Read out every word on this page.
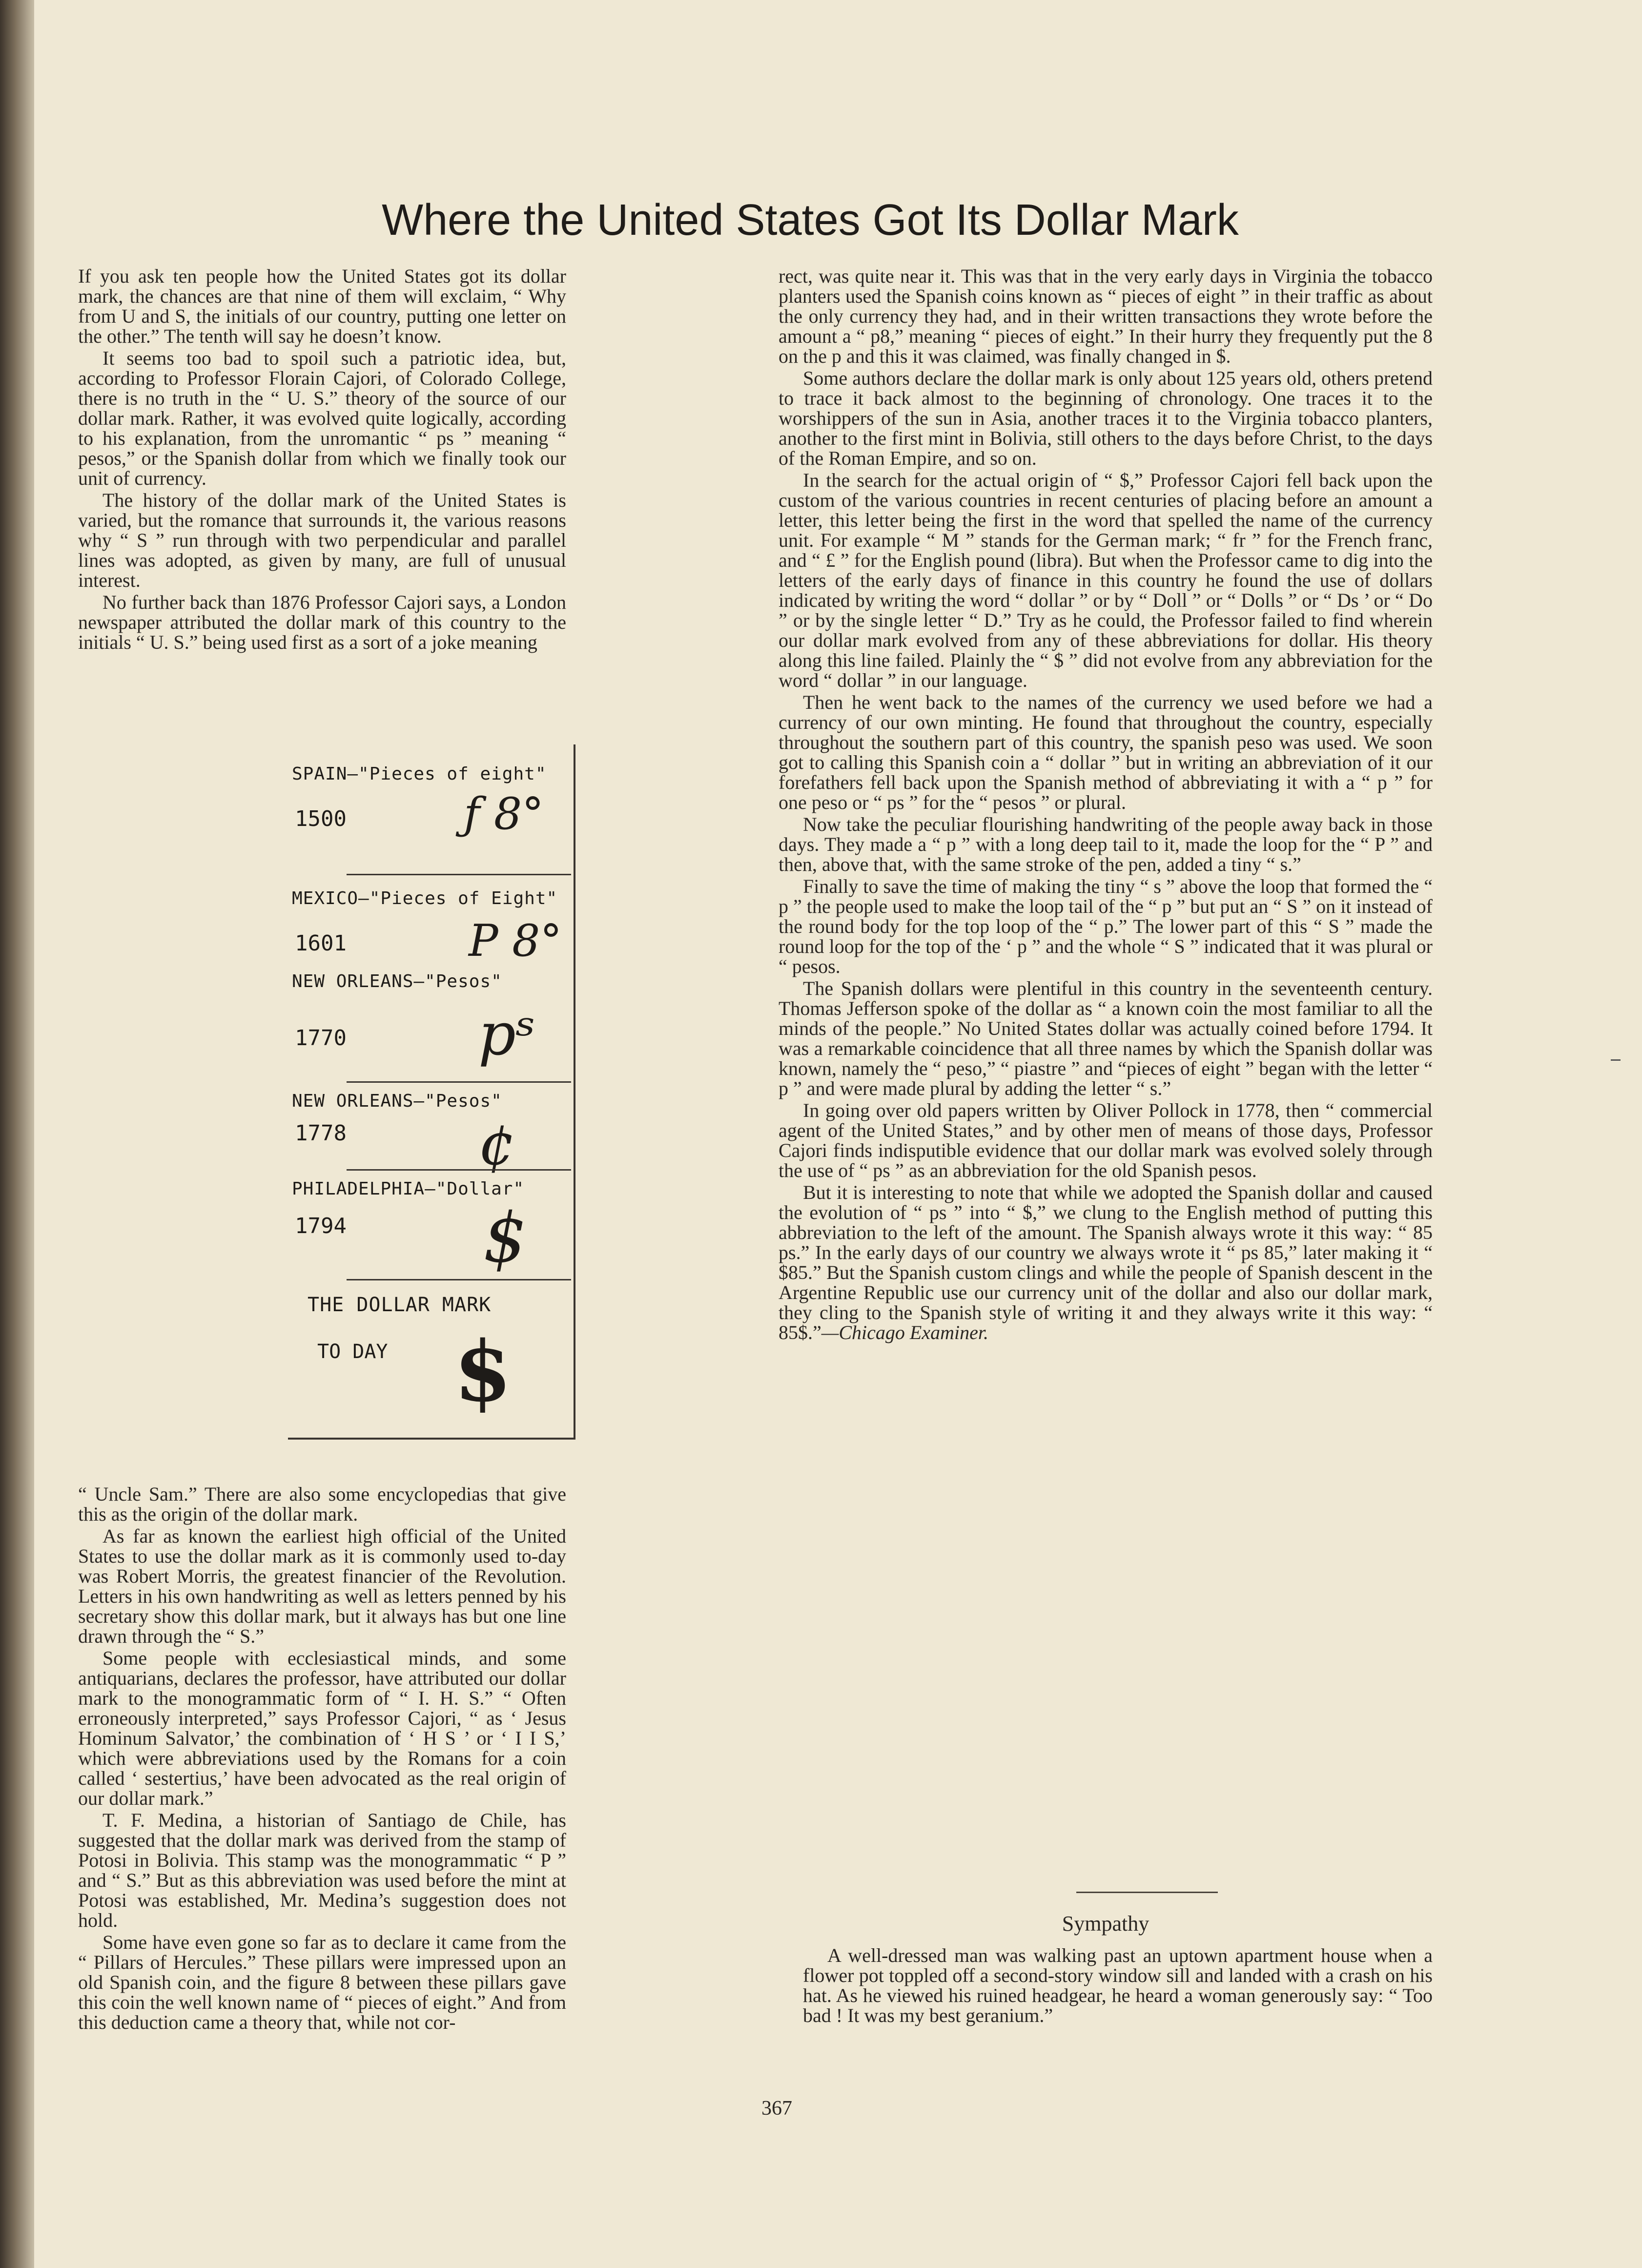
Where the United States Got Its Dollar Mark

If you ask ten people how the United States got its dollar mark, the chances are that nine of them will exclaim, “ Why from U and S, the initials of our country, putting one letter on the other.” The tenth will say he doesn’t know.

It seems too bad to spoil such a patriotic idea, but, according to Professor Florain Cajori, of Colorado College, there is no truth in the “ U. S.” theory of the source of our dollar mark. Rather, it was evolved quite logically, according to his explanation, from the unromantic “ ps ” meaning “ pesos,” or the Spanish dollar from which we finally took our unit of currency.

The history of the dollar mark of the United States is varied, but the romance that surrounds it, the various reasons why “ S ” run through with two perpendicular and parallel lines was adopted, as given by many, are full of unusual interest.

No further back than 1876 Professor Cajori says, a London newspaper attributed the dollar mark of this country to the initials “ U. S.” being used first as a sort of a joke meaning

SPAIN—"Pieces of eight"
1500	ƒ 8°
MEXICO—"Pieces of Eight"
1601	P 8°
NEW ORLEANS—"Pesos"
1770	pˢ
NEW ORLEANS—"Pesos"
1778	¢
PHILADELPHIA—"Dollar"
1794	$
THE DOLLAR MARK
TO DAY $

“ Uncle Sam.” There are also some encyclopedias that give this as the origin of the dollar mark.

As far as known the earliest high official of the United States to use the dollar mark as it is commonly used to-day was Robert Morris, the greatest financier of the Revolution. Letters in his own handwriting as well as letters penned by his secretary show this dollar mark, but it always has but one line drawn through the “ S.”

Some people with ecclesiastical minds, and some antiquarians, declares the professor, have attributed our dollar mark to the monogrammatic form of “ I. H. S.” “ Often erroneously interpreted,” says Professor Cajori, “ as ‘ Jesus Hominum Salvator,’ the combination of ‘ H S ’ or ‘ I I S,’ which were abbreviations used by the Romans for a coin called ‘ sestertius,’ have been advocated as the real origin of our dollar mark.”

T. F. Medina, a historian of Santiago de Chile, has suggested that the dollar mark was derived from the stamp of Potosi in Bolivia. This stamp was the monogrammatic “ P ” and “ S.” But as this abbreviation was used before the mint at Potosi was established, Mr. Medina’s suggestion does not hold.

Some have even gone so far as to declare it came from the “ Pillars of Hercules.” These pillars were impressed upon an old Spanish coin, and the figure 8 between these pillars gave this coin the well known name of “ pieces of eight.” And from this deduction came a theory that, while not cor-

rect, was quite near it. This was that in the very early days in Virginia the tobacco planters used the Spanish coins known as “ pieces of eight ” in their traffic as about the only currency they had, and in their written transactions they wrote before the amount a “ p8,” meaning “ pieces of eight.” In their hurry they frequently put the 8 on the p and this it was claimed, was finally changed in $.

Some authors declare the dollar mark is only about 125 years old, others pretend to trace it back almost to the beginning of chronology. One traces it to the worshippers of the sun in Asia, another traces it to the Virginia tobacco planters, another to the first mint in Bolivia, still others to the days before Christ, to the days of the Roman Empire, and so on.

In the search for the actual origin of “ $,” Professor Cajori fell back upon the custom of the various countries in recent centuries of placing before an amount a letter, this letter being the first in the word that spelled the name of the currency unit. For example “ M ” stands for the German mark; “ fr ” for the French franc, and “ £ ” for the English pound (libra). But when the Professor came to dig into the letters of the early days of finance in this country he found the use of dollars indicated by writing the word “ dollar ” or by “ Doll ” or “ Dolls ” or “ Ds ’ or “ Do ” or by the single letter “ D.” Try as he could, the Professor failed to find wherein our dollar mark evolved from any of these abbreviations for dollar. His theory along this line failed. Plainly the “ $ ” did not evolve from any abbreviation for the word “ dollar ” in our language.

Then he went back to the names of the currency we used before we had a currency of our own minting. He found that throughout the country, especially throughout the southern part of this country, the spanish peso was used. We soon got to calling this Spanish coin a “ dollar ” but in writing an abbreviation of it our forefathers fell back upon the Spanish method of abbreviating it with a “ p ” for one peso or “ ps ” for the “ pesos ” or plural.

Now take the peculiar flourishing handwriting of the people away back in those days. They made a “ p ” with a long deep tail to it, made the loop for the “ P ” and then, above that, with the same stroke of the pen, added a tiny “ s.”

Finally to save the time of making the tiny “ s ” above the loop that formed the “ p ” the people used to make the loop tail of the “ p ” but put an “ S ” on it instead of the round body for the top loop of the “ p.” The lower part of this “ S ” made the round loop for the top of the ‘ p ” and the whole “ S ” indicated that it was plural or “ pesos.

The Spanish dollars were plentiful in this country in the seventeenth century. Thomas Jefferson spoke of the dollar as “ a known coin the most familiar to all the minds of the people.” No United States dollar was actually coined before 1794. It was a remarkable coincidence that all three names by which the Spanish dollar was known, namely the “ peso,” “ piastre ” and “pieces of eight ” began with the letter “ p ” and were made plural by adding the letter “ s.”

In going over old papers written by Oliver Pollock in 1778, then “ commercial agent of the United States,” and by other men of means of those days, Professor Cajori finds indisputible evidence that our dollar mark was evolved solely through the use of “ ps ” as an abbreviation for the old Spanish pesos.

But it is interesting to note that while we adopted the Spanish dollar and caused the evolution of “ ps ” into “ $,” we clung to the English method of putting this abbreviation to the left of the amount. The Spanish always wrote it this way: “ 85 ps.” In the early days of our country we always wrote it “ ps 85,” later making it “ $85.” But the Spanish custom clings and while the people of Spanish descent in the Argentine Republic use our currency unit of the dollar and also our dollar mark, they cling to the Spanish style of writing it and they always write it this way: “ 85$.”—Chicago Examiner.

Sympathy

A well-dressed man was walking past an uptown apartment house when a flower pot toppled off a second-story window sill and landed with a crash on his hat. As he viewed his ruined headgear, he heard a woman generously say: “ Too bad ! It was my best geranium.”

367
